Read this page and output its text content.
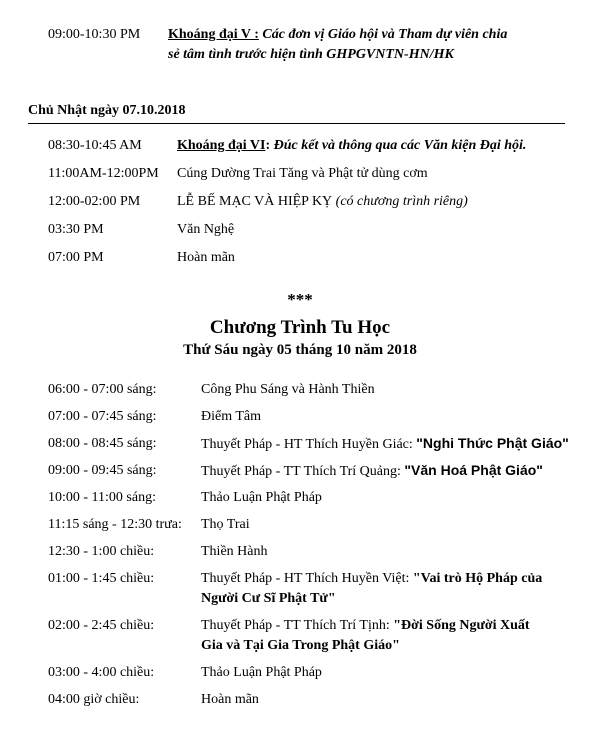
09:00-10:30 PM Khoáng đại V : Các đơn vị Giáo hội và Tham dự viên chia
sẻ tâm tình trước hiện tình GHPGVNTN-HN/HK
Chủ Nhật ngày 07.10.2018
08:30-10:45 AM	Khoáng đại VI: Đúc kết và thông qua các Văn kiện Đại hội.
11:00AM-12:00PM Cúng Dường Trai Tăng và Phật tử dùng cơm
12:00-02:00 PM	LỄ BẾ MẠC VÀ HIỆP KỴ (có chương trình riêng)
03:30 PM	Văn Nghệ
07:00 PM	Hoàn mãn
***
Chương Trình Tu Học
Thứ Sáu ngày 05 tháng 10 năm 2018
06:00 - 07:00 sáng:	Công Phu Sáng và Hành Thiền
07:00 - 07:45 sáng:	Điểm Tâm
08:00 - 08:45 sáng:	Thuyết Pháp - HT Thích Huyền Giác: "Nghi Thức Phật Giáo"
09:00 - 09:45 sáng:	Thuyết Pháp - TT Thích Trí Quảng: "Văn Hoá Phật Giáo"
10:00 - 11:00 sáng:	Thảo Luận Phật Pháp
11:15 sáng - 12:30 trưa: Thọ Trai
12:30 - 1:00 chiều:	Thiền Hành
01:00 - 1:45 chiều:	Thuyết Pháp - HT Thích Huyền Việt: "Vai trò Hộ Pháp của
Người Cư Sĩ Phật Tử"
02:00 - 2:45 chiều:	Thuyết Pháp - TT Thích Trí Tịnh: "Đời Sống Người Xuất
Gia và Tại Gia Trong Phật Giáo"
03:00 - 4:00 chiều:	Thảo Luận Phật Pháp
04:00 giờ chiều:	Hoàn mãn
